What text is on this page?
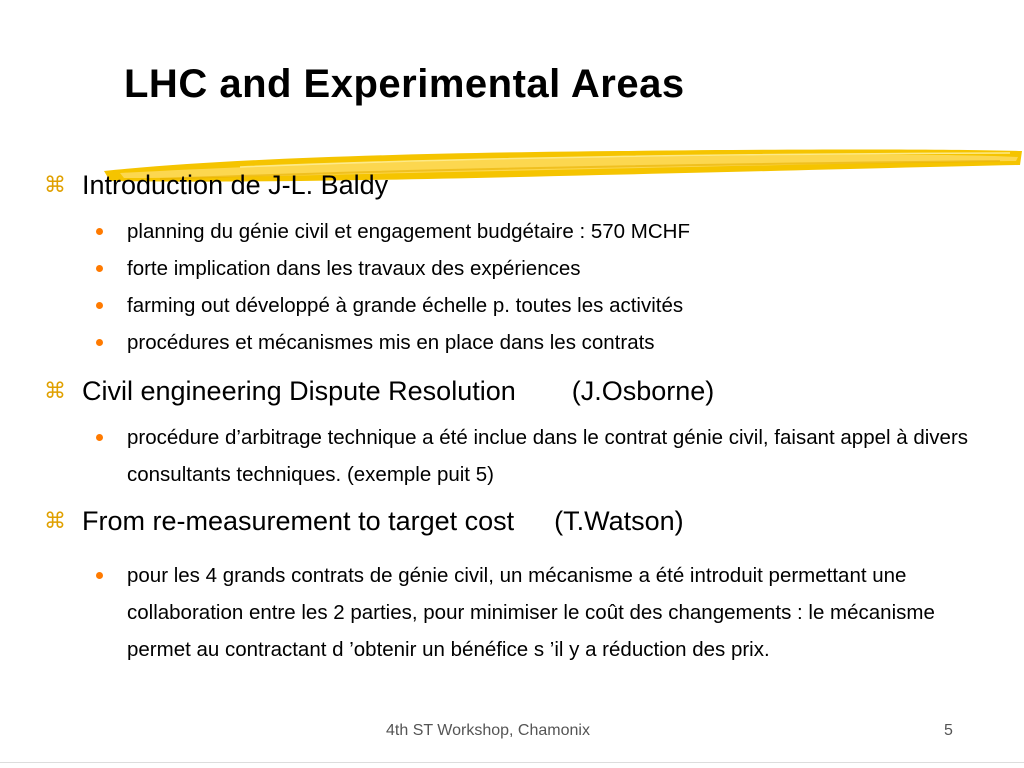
LHC and Experimental Areas
⌘ Introduction de J-L. Baldy
planning du génie civil et engagement budgétaire : 570 MCHF
forte implication dans les travaux des expériences
farming out développé à grande échelle p. toutes les activités
procédures et mécanismes mis en place dans les contrats
⌘ Civil engineering Dispute Resolution (J.Osborne)
procédure d’arbitrage technique a été inclue dans le contrat génie civil, faisant appel à divers consultants techniques. (exemple puit 5)
⌘ From re-measurement to target cost (T.Watson)
pour les 4 grands contrats de génie civil, un mécanisme a été introduit permettant une collaboration entre les 2 parties, pour minimiser le coût des changements : le mécanisme permet au contractant d ’obtenir un bénéfice s ’il y a réduction des prix.
4th ST Workshop, Chamonix	5
